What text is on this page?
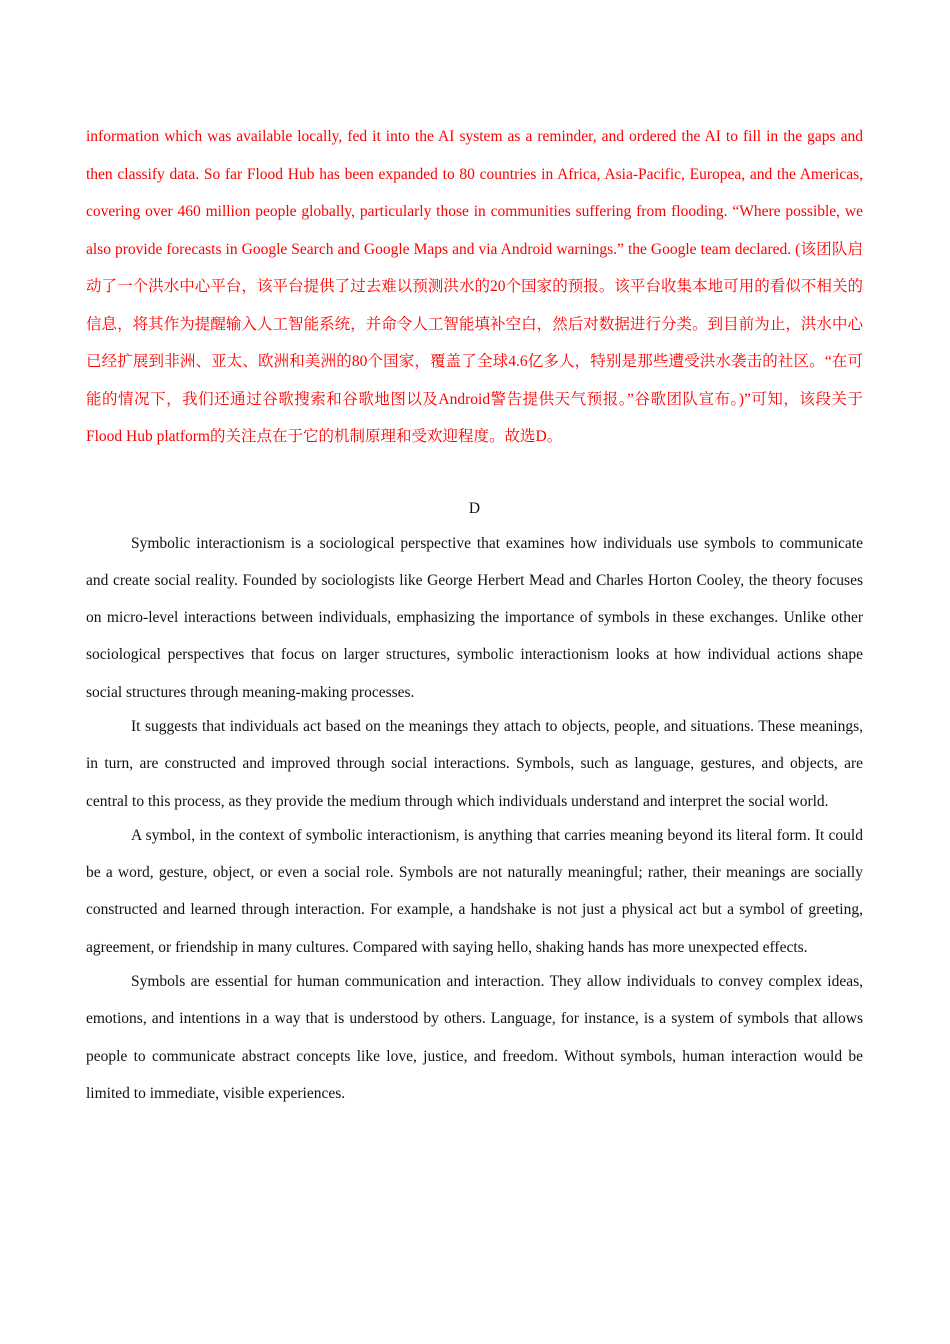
information which was available locally, fed it into the AI system as a reminder, and ordered the AI to fill in the gaps and then classify data. So far Flood Hub has been expanded to 80 countries in Africa, Asia-Pacific, Europea, and the Americas, covering over 460 million people globally, particularly those in communities suffering from flooding. “Where possible, we also provide forecasts in Google Search and Google Maps and via Android warnings.” the Google team declared. (该团队启动了一个洪水中心平台，该平台提供了过去难以预测洪水的20个国家的预报。该平台收集本地可用的看似不相关的信息，将其作为提醒输入人工智能系统，并命令人工智能填补空白，然后对数据进行分类。到目前为止，洪水中心已经扩展到非洲、亚太、欧洲和美洲的80个国家，覆盖了全球4.6亿多人，特别是那些遭受洪水袭击的社区。“在可能的情况下，我们还通过谷歌搜索和谷歌地图以及Android警告提供天气预报。”谷歌团队宣布。)”可知，该段关于Flood Hub platform的关注点在于它的机制原理和受欢迎程度。故选D。

D

Symbolic interactionism is a sociological perspective that examines how individuals use symbols to communicate and create social reality. Founded by sociologists like George Herbert Mead and Charles Horton Cooley, the theory focuses on micro-level interactions between individuals, emphasizing the importance of symbols in these exchanges. Unlike other sociological perspectives that focus on larger structures, symbolic interactionism looks at how individual actions shape social structures through meaning-making processes.

It suggests that individuals act based on the meanings they attach to objects, people, and situations. These meanings, in turn, are constructed and improved through social interactions. Symbols, such as language, gestures, and objects, are central to this process, as they provide the medium through which individuals understand and interpret the social world.

A symbol, in the context of symbolic interactionism, is anything that carries meaning beyond its literal form. It could be a word, gesture, object, or even a social role. Symbols are not naturally meaningful; rather, their meanings are socially constructed and learned through interaction. For example, a handshake is not just a physical act but a symbol of greeting, agreement, or friendship in many cultures. Compared with saying hello, shaking hands has more unexpected effects.

Symbols are essential for human communication and interaction. They allow individuals to convey complex ideas, emotions, and intentions in a way that is understood by others. Language, for instance, is a system of symbols that allows people to communicate abstract concepts like love, justice, and freedom. Without symbols, human interaction would be limited to immediate, visible experiences.
